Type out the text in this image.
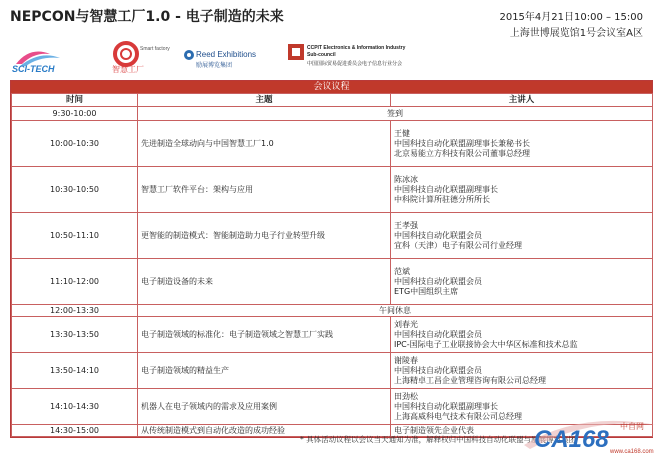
NEPCON与智慧工厂1.0 - 电子制造的未来	2015年4月21日10:00 – 15:00
上海世博展览馆1号会议室A区
SCI-TECH
Smart factory
智慧工厂
Reed Exhibitions
励展博览集团
CCPIT Electronics & Information Industry
Sub-council
中国国际贸易促进委员会电子信息行业分会
会议议程
时间	主题	主讲人
9:30-10:00	签到	
10:00-10:30	先进制造全球动向与中国智慧工厂1.0	王健
中国科技自动化联盟副理事长兼秘书长
北京易能立方科技有限公司董事总经理

10:30-10:50	智慧工厂软件平台：架构与应用	陈冰冰
中国科技自动化联盟副理事长
中科院计算所驻德分所所长

10:50-11:10	更智能的制造模式：智能制造助力电子行业转型升级	王孝强
中国科技自动化联盟会员
宜科（天津）电子有限公司行业经理

11:10-12:00	电子制造设备的未来	范斌
中国科技自动化联盟会员
ETG中国组织主席

12:00-13:30	午间休息	
13:30-13:50	电子制造领域的标准化：电子制造领域之智慧工厂实践	刘春光
中国科技自动化联盟会员
IPC-国际电子工业联接协会大中华区标准和技术总监

13:50-14:10	电子制造领域的精益生产	谢陵春
中国科技自动化联盟会员
上海精卓工昌企业管理咨询有限公司总经理

14:10-14:30	机器人在电子领域内的需求及应用案例	田劲松
中国科技自动化联盟副理事长
上海高威科电气技术有限公司总经理

14:30-15:00	从传统制造模式到自动化改造的成功经验	电子制造领先企业代表
* 具体活动议程以会议当天通知为准，解释权归中国科技自动化联盟与励展博览集团
CA168 中自网
www.ca168.com
